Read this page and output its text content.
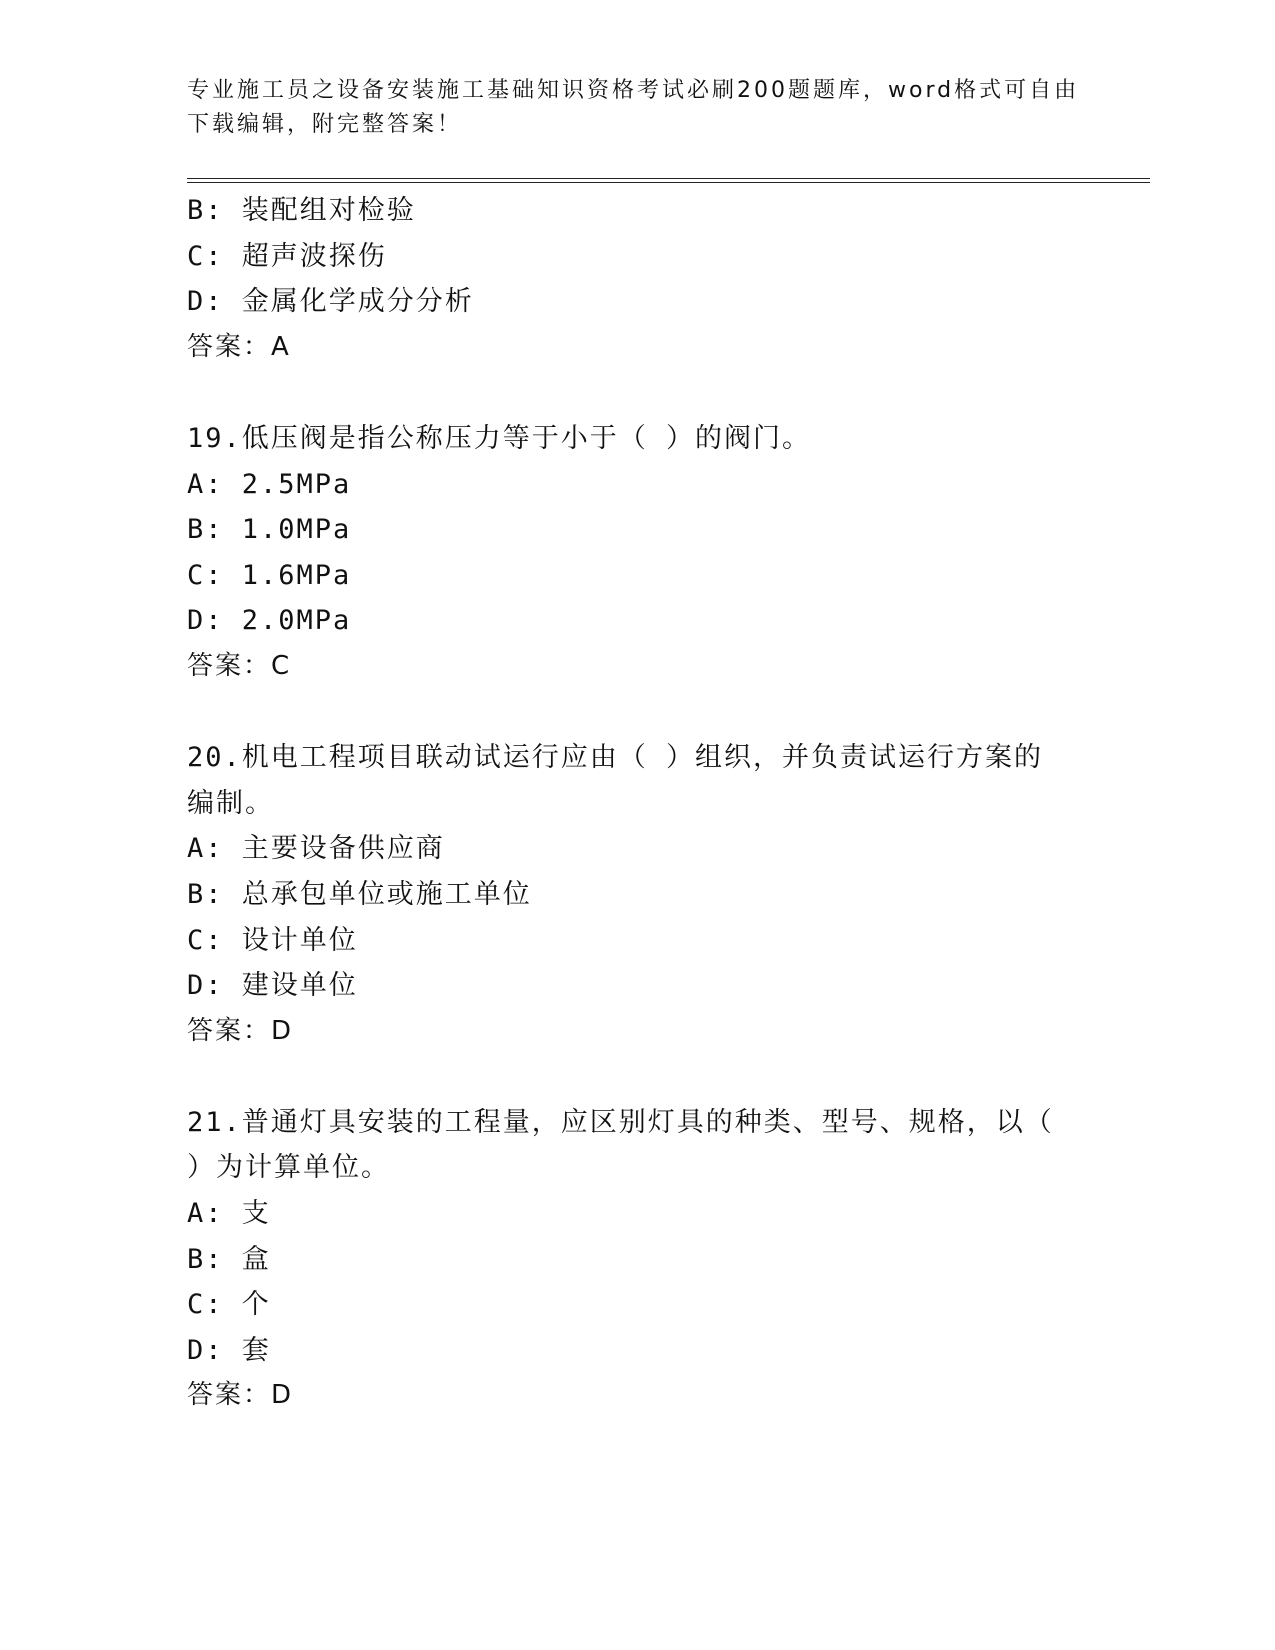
专业施工员之设备安装施工基础知识资格考试必刷200题题库，word格式可自由下载编辑，附完整答案！
B: 装配组对检验
C: 超声波探伤
D: 金属化学成分分析
答案：A
19.低压阀是指公称压力等于小于（ ）的阀门。
A: 2.5MPa
B: 1.0MPa
C: 1.6MPa
D: 2.0MPa
答案：C
20.机电工程项目联动试运行应由（ ）组织，并负责试运行方案的编制。
A: 主要设备供应商
B: 总承包单位或施工单位
C: 设计单位
D: 建设单位
答案：D
21.普通灯具安装的工程量，应区别灯具的种类、型号、规格，以（ ）为计算单位。
A: 支
B: 盒
C: 个
D: 套
答案：D
